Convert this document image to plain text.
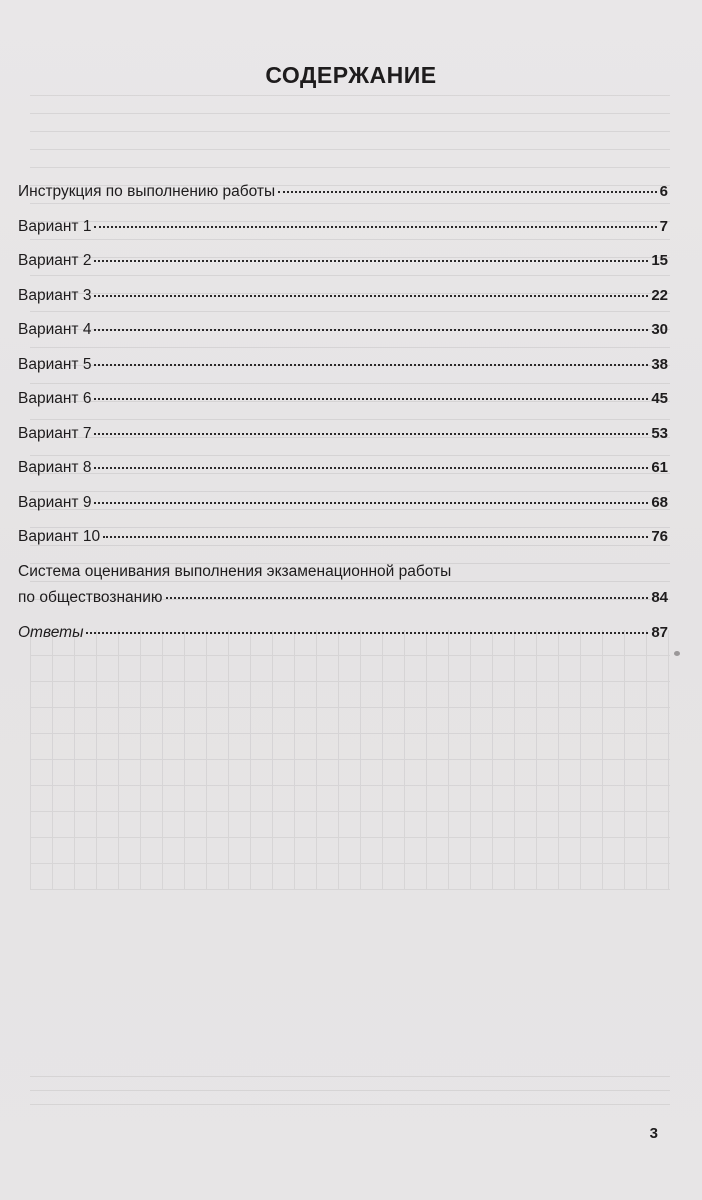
СОДЕРЖАНИЕ
Инструкция по выполнению работы	6
Вариант 1	7
Вариант 2	15
Вариант 3	22
Вариант 4	30
Вариант 5	38
Вариант 6	45
Вариант 7	53
Вариант 8	61
Вариант 9	68
Вариант 10	76
Система оценивания выполнения экзаменационной работы
по обществознанию	84
Ответы	87
3
